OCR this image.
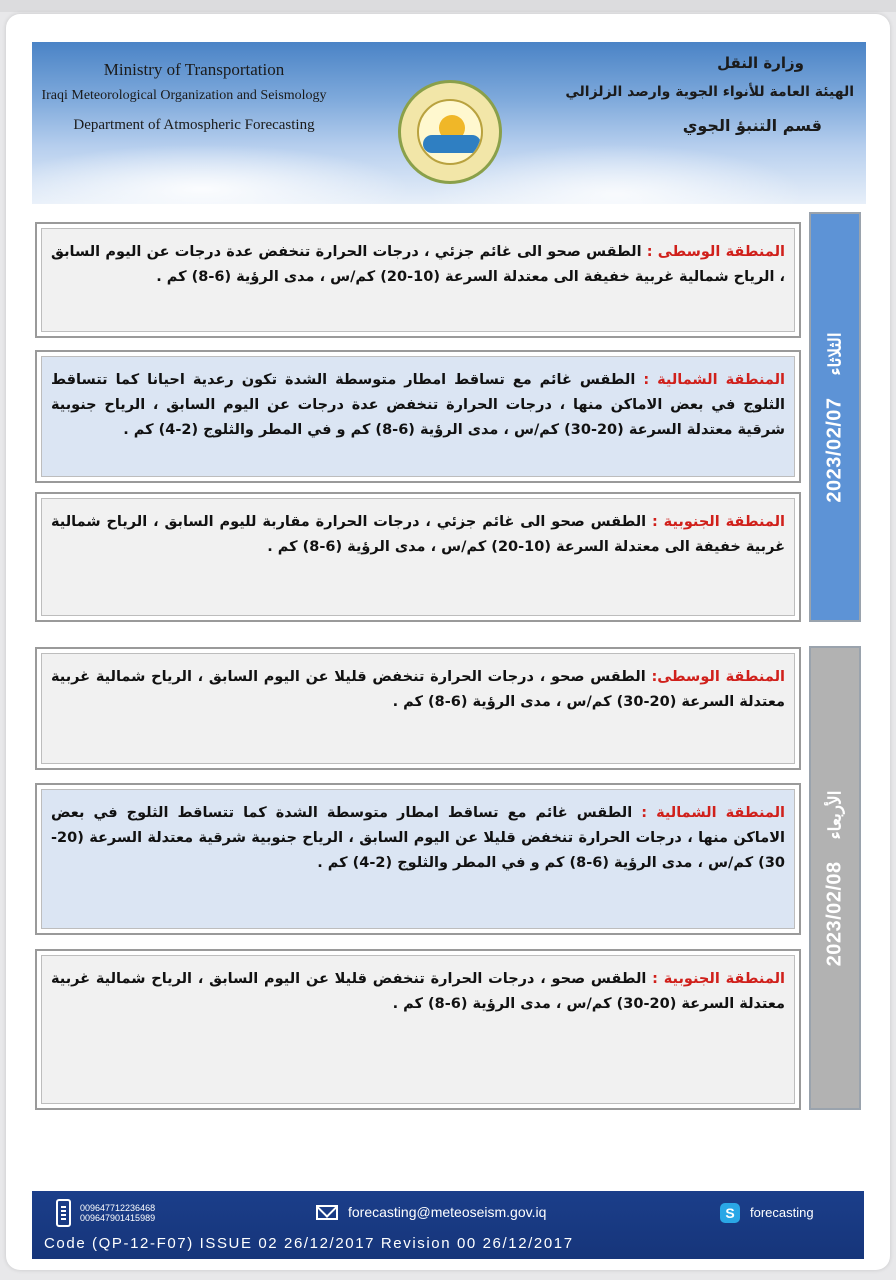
Ministry of Transportation
Iraqi Meteorological Organization and Seismology
Department of Atmospheric Forecasting
وزارة النقل
الهيئة العامة للأنواء الجوية وارصد الزلزالي
قسم التنبؤ الجوي
2023/02/07
الثلاثاء
المنطقة الوسطى : الطقس صحو الى غائم جزئي ، درجات الحرارة تنخفض عدة درجات عن اليوم السابق ، الرياح شمالية غربية خفيفة الى معتدلة السرعة (10-20) كم/س ، مدى الرؤية (6-8) كم .
المنطقة الشمالية : الطقس غائم مع تساقط امطار متوسطة الشدة تكون رعدية احيانا كما تتساقط الثلوج في بعض الاماكن منها ، درجات الحرارة تنخفض عدة درجات عن اليوم السابق ، الرياح جنوبية شرقية معتدلة السرعة (20-30) كم/س ، مدى الرؤية (6-8) كم و في المطر والثلوج (2-4) كم .
المنطقة الجنوبية : الطقس صحو الى غائم جزئي ، درجات الحرارة مقاربة لليوم السابق ، الرياح شمالية غربية خفيفة الى معتدلة السرعة (10-20) كم/س ، مدى الرؤية (6-8) كم .
2023/02/08
الأربعاء
المنطقة الوسطى: الطقس صحو ، درجات الحرارة تنخفض قليلا عن اليوم السابق ، الرياح شمالية غربية معتدلة السرعة (20-30) كم/س ، مدى الرؤية (6-8) كم .
المنطقة الشمالية : الطقس غائم مع تساقط امطار متوسطة الشدة كما تتساقط الثلوج في بعض الاماكن منها ، درجات الحرارة تنخفض قليلا عن اليوم السابق ، الرياح جنوبية شرقية معتدلة السرعة (20-30) كم/س ، مدى الرؤية (6-8) كم و في المطر والثلوج (2-4) كم .
المنطقة الجنوبية : الطقس صحو ، درجات الحرارة تنخفض قليلا عن اليوم السابق ، الرياح شمالية غربية معتدلة السرعة (20-30) كم/س ، مدى الرؤية (6-8) كم .
009647712236468
009647901415989	forecasting@meteoseism.gov.iq	S	forecasting
Code (QP-12-F07) ISSUE 02 26/12/2017 Revision 00 26/12/2017
